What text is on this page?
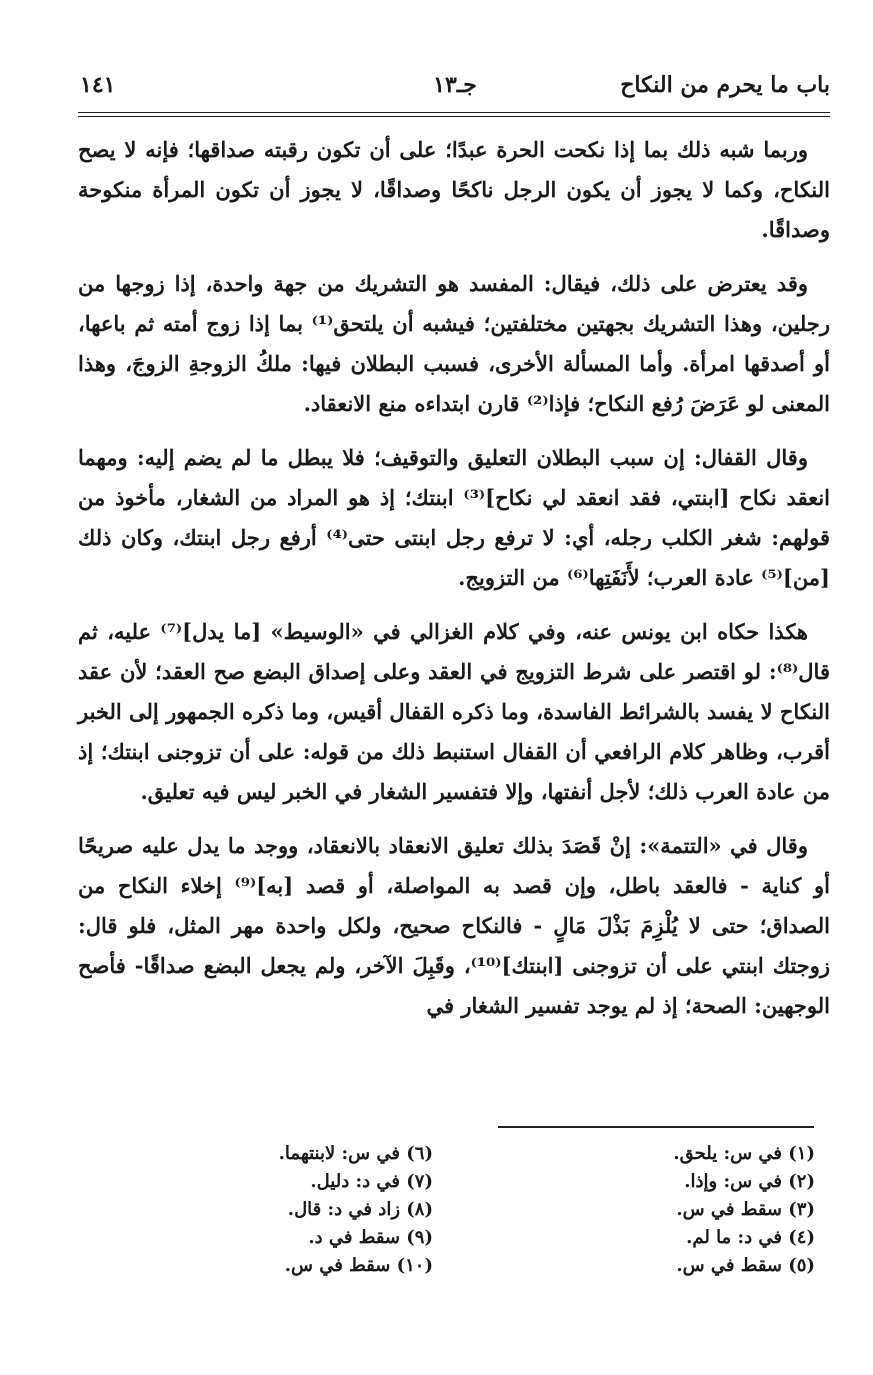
باب ما يحرم من النكاح
جـ١٣
١٤١

وربما شبه ذلك بما إذا نكحت الحرة عبدًا؛ على أن تكون رقبته صداقها؛ فإنه لا يصح النكاح، وكما لا يجوز أن يكون الرجل ناكحًا وصداقًا، لا يجوز أن تكون المرأة منكوحة وصداقًا.

وقد يعترض على ذلك، فيقال: المفسد هو التشريك من جهة واحدة، إذا زوجها من رجلين، وهذا التشريك بجهتين مختلفتين؛ فيشبه أن يلتحق⁽¹⁾ بما إذا زوج أمته ثم باعها، أو أصدقها امرأة. وأما المسألة الأخرى، فسبب البطلان فيها: ملكُ الزوجةِ الزوجَ، وهذا المعنى لو عَرَضَ رُفع النكاح؛ فإذا⁽²⁾ قارن ابتداءه منع الانعقاد.

وقال القفال: إن سبب البطلان التعليق والتوقيف؛ فلا يبطل ما لم يضم إليه: ومهما انعقد نكاح [ابنتي، فقد انعقد لي نكاح]⁽³⁾ ابنتك؛ إذ هو المراد من الشغار، مأخوذ من قولهم: شغر الكلب رجله، أي: لا ترفع رجل ابنتى حتى⁽⁴⁾ أرفع رجل ابنتك، وكان ذلك [من]⁽⁵⁾ عادة العرب؛ لأَنَفَتِها⁽⁶⁾ من التزويج.

هكذا حكاه ابن يونس عنه، وفي كلام الغزالي في «الوسيط» [ما يدل]⁽⁷⁾ عليه، ثم قال⁽⁸⁾: لو اقتصر على شرط التزويج في العقد وعلى إصداق البضع صح العقد؛ لأن عقد النكاح لا يفسد بالشرائط الفاسدة، وما ذكره القفال أقيس، وما ذكره الجمهور إلى الخبر أقرب، وظاهر كلام الرافعي أن القفال استنبط ذلك من قوله: على أن تزوجنى ابنتك؛ إذ من عادة العرب ذلك؛ لأجل أنفتها، وإلا فتفسير الشغار في الخبر ليس فيه تعليق.

وقال في «التتمة»: إنْ قَصَدَ بذلك تعليق الانعقاد بالانعقاد، ووجد ما يدل عليه صريحًا أو كناية - فالعقد باطل، وإن قصد به المواصلة، أو قصد [به]⁽⁹⁾ إخلاء النكاح من الصداق؛ حتى لا يُلْزِمَ بَذْلَ مَالٍ - فالنكاح صحيح، ولكل واحدة مهر المثل، فلو قال: زوجتك ابنتي على أن تزوجنى [ابنتك]⁽¹⁰⁾، وقَبِلَ الآخر، ولم يجعل البضع صداقًا- فأصح الوجهين: الصحة؛ إذ لم يوجد تفسير الشغار في

(١) في س: يلحق.
(٢) في س: وإذا.
(٣) سقط في س.
(٤) في د: ما لم.
(٥) سقط في س.
(٦) في س: لابنتهما.
(٧) في د: دليل.
(٨) زاد في د: قال.
(٩) سقط في د.
(١٠) سقط في س.
